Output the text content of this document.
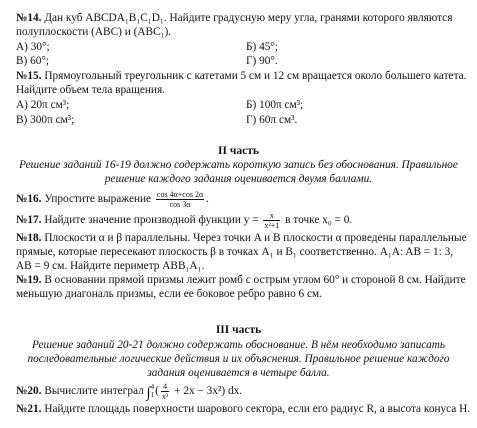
№14. Дан куб ABCDA₁B₁C₁D₁. Найдите градусную меру угла, гранями которого являются
полуплоскости (ABC) и (ABC₁).
А) 30°;	Б) 45°;
В) 60°;	Г) 90°.
№15. Прямоугольный треугольник с катетами 5 см и 12 см вращается около большего катета.
Найдите объем тела вращения.
А) 20π см³;	Б) 100π см³;
В) 300π см³;	Г) 60π см³.
II часть
Решение заданий 16-19 должно содержать короткую запись без обоснования. Правильное
решение каждого задания оценивается двумя баллами.
№16. Упростите выражение $\frac{\cos 4\alpha+\cos 2\alpha}{\cos 3\alpha}$ .
№17. Найдите значение производной функции $y = \frac{x}{\text{x²+1}}$ в точке x₀ = 0.
№18. Плоскости α и β параллельны. Через точки A и B плоскости α проведены параллельные
прямые, которые пересекают плоскость β в точках A₁ и B₁ соответственно. A₁A: AB = 1: 3,
AB = 9 см. Найдите периметр ABB₁A₁.
№19. В основании прямой призмы лежит ромб с острым углом 60° и стороной 8 см. Найдите
меньшую диагональ призмы, если ее боковое ребро равно 6 см.
III часть
Решение заданий 20-21 должно содержать обоснование. В нём необходимо записать
последовательные логические действия и их объяснения. Правильное решение каждого
задания оценивается в четыре балла.
№20. Вычислите интеграл ∫ 4
1 ( $\frac{4}{\text{x²}} + 2x - 3x^2$) dx.
№21. Найдите площадь поверхности шарового сектора, если его радиус R, а высота конуса H.
